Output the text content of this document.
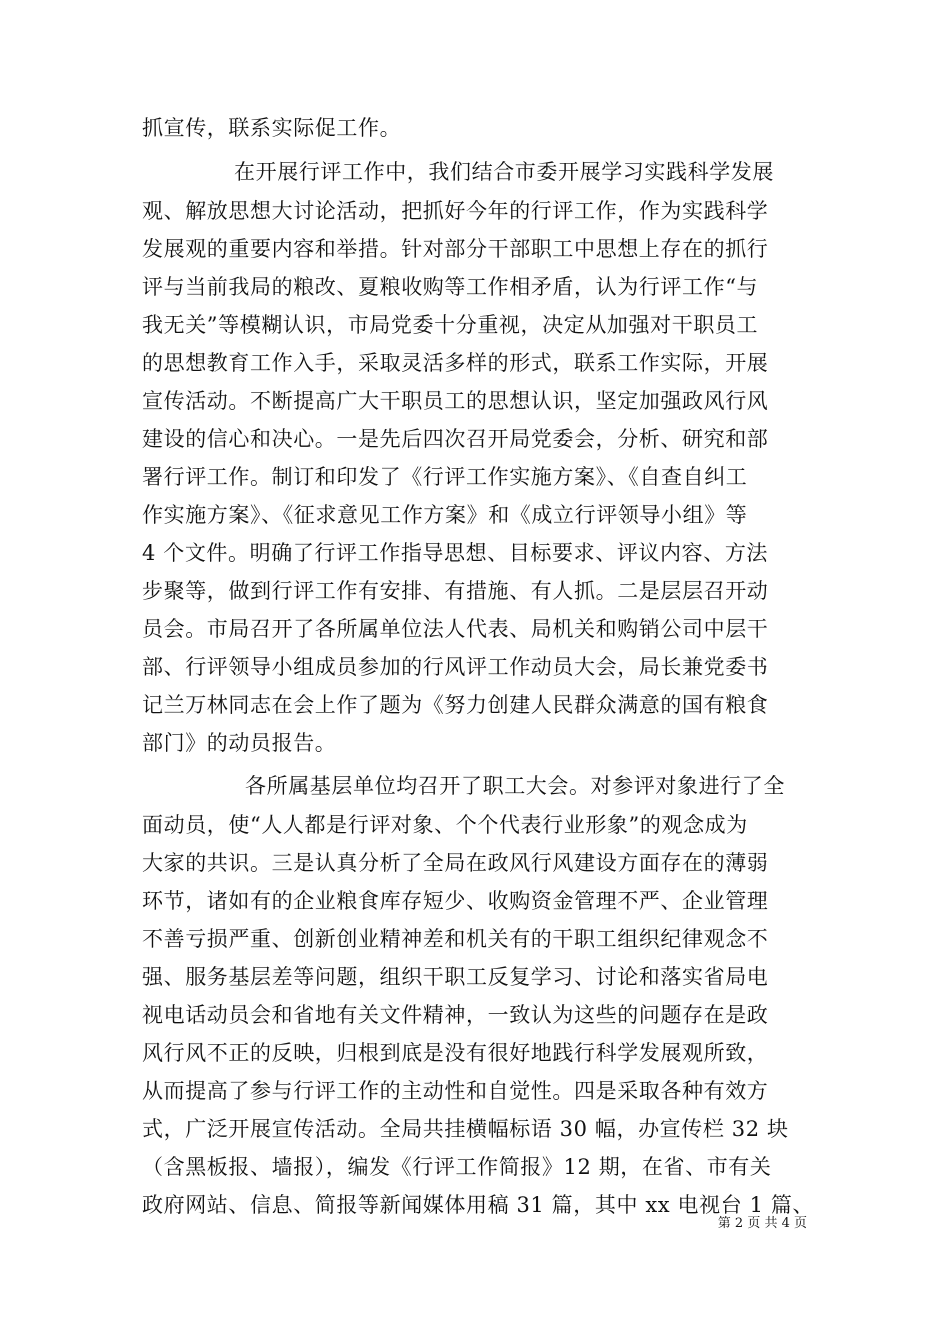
抓宣传，联系实际促工作。
在开展行评工作中，我们结合市委开展学习实践科学发展
观、解放思想大讨论活动，把抓好今年的行评工作，作为实践科学
发展观的重要内容和举措。针对部分干部职工中思想上存在的抓行
评与当前我局的粮改、夏粮收购等工作相矛盾，认为行评工作“与
我无关”等模糊认识，市局党委十分重视，决定从加强对干职员工
的思想教育工作入手，采取灵活多样的形式，联系工作实际，开展
宣传活动。不断提高广大干职员工的思想认识，坚定加强政风行风
建设的信心和决心。一是先后四次召开局党委会，分析、研究和部
署行评工作。制订和印发了《行评工作实施方案》、《自查自纠工
作实施方案》、《征求意见工作方案》和《成立行评领导小组》等
4 个文件。明确了行评工作指导思想、目标要求、评议内容、方法
步聚等，做到行评工作有安排、有措施、有人抓。二是层层召开动
员会。市局召开了各所属单位法人代表、局机关和购销公司中层干
部、行评领导小组成员参加的行风评工作动员大会，局长兼党委书
记兰万林同志在会上作了题为《努力创建人民群众满意的国有粮食
部门》的动员报告。
各所属基层单位均召开了职工大会。对参评对象进行了全
面动员，使“人人都是行评对象、个个代表行业形象”的观念成为
大家的共识。三是认真分析了全局在政风行风建设方面存在的薄弱
环节，诸如有的企业粮食库存短少、收购资金管理不严、企业管理
不善亏损严重、创新创业精神差和机关有的干职工组织纪律观念不
强、服务基层差等问题，组织干职工反复学习、讨论和落实省局电
视电话动员会和省地有关文件精神，一致认为这些的问题存在是政
风行风不正的反映，归根到底是没有很好地践行科学发展观所致，
从而提高了参与行评工作的主动性和自觉性。四是采取各种有效方
式，广泛开展宣传活动。全局共挂横幅标语 30 幅，办宣传栏 32 块
（含黑板报、墙报），编发《行评工作简报》12 期，在省、市有关
政府网站、信息、简报等新闻媒体用稿 31 篇，其中 xx 电视台 1 篇、
第 2 页 共 4 页
